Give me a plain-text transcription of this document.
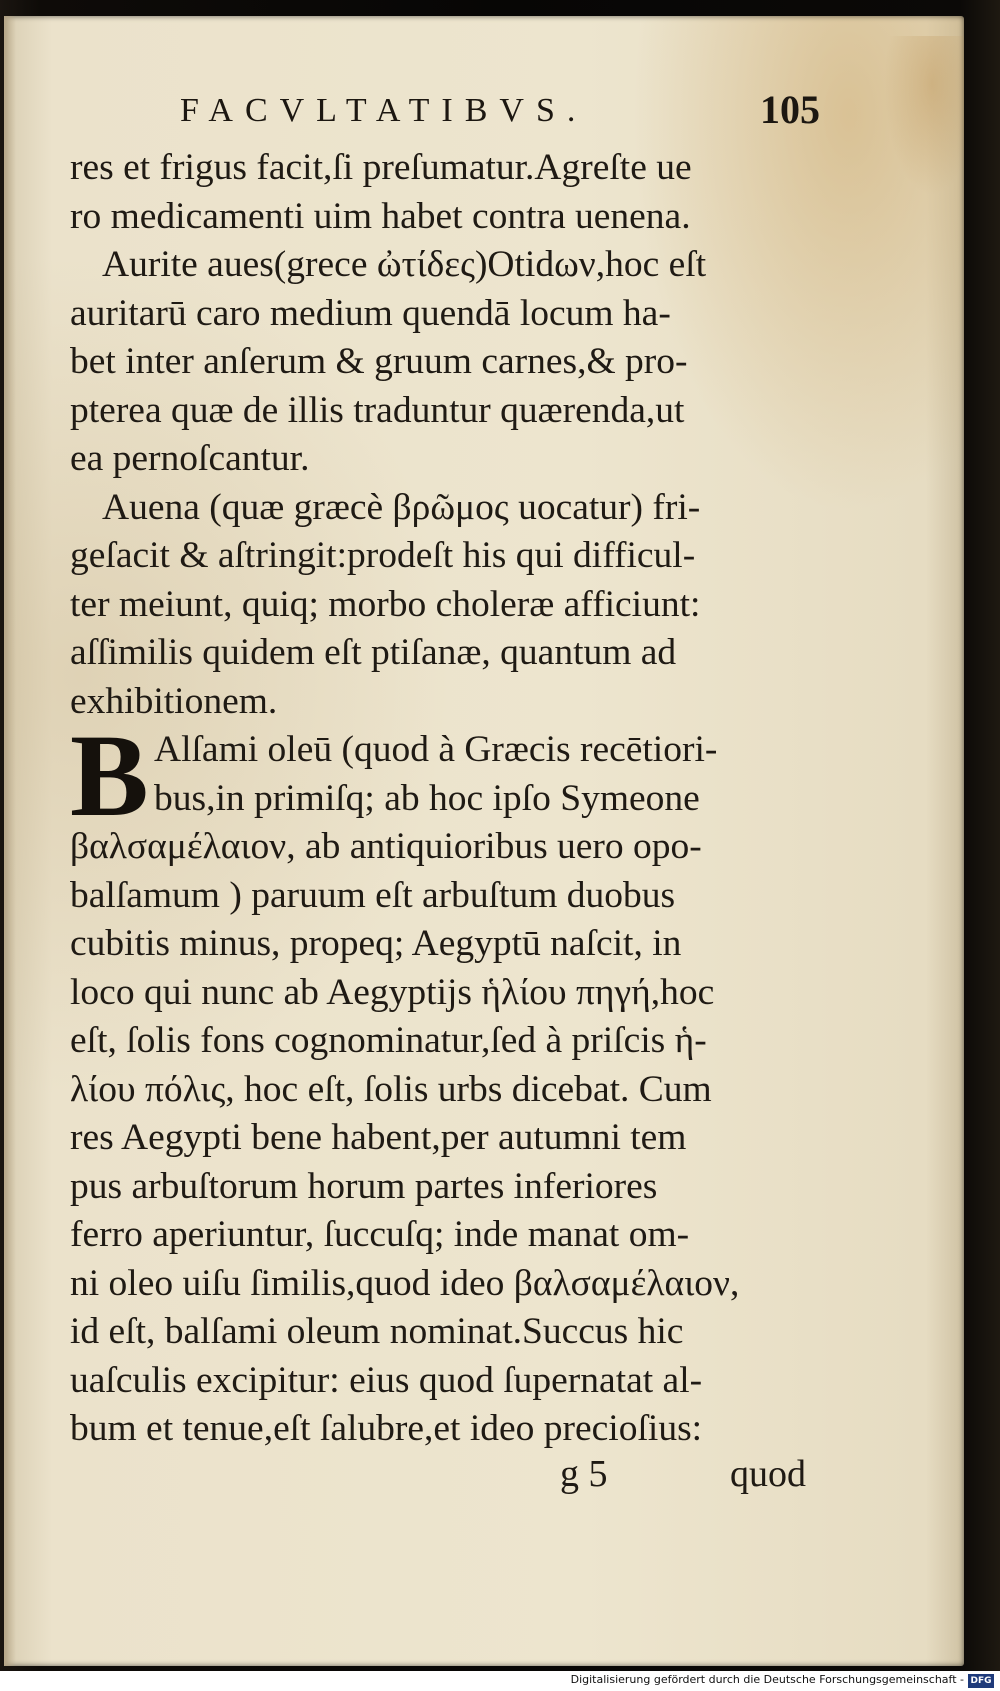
FACVLTATIBVS.	105
res et frigus facit,ſi preſumatur.Agreſte ue
ro medicamenti uim habet contra uenena.
Aurite aues(grece ὠτίδες)Otidων,hoc eſt
auritarū caro medium quendā locum ha-
bet inter anſerum & gruum carnes,& pro-
pterea quæ de illis traduntur quærenda,ut
ea pernoſcantur.
Auena (quæ græcè βρῶμος uocatur) fri-
geſacit & aſtringit:prodeſt his qui difficul-
ter meiunt, quiq; morbo choleræ afficiunt:
aſſimilis quidem eſt ptiſanæ, quantum ad
exhibitionem.
B Alſami oleū (quod à Græcis recētiori-
bus,in primiſq; ab hoc ipſo Symeone
βαλσαμέλαιον, ab antiquioribus uero opo-
balſamum ) paruum eſt arbuſtum duobus
cubitis minus, propeq; Aegyptū naſcit, in
loco qui nunc ab Aegyptijs ἡλίου πηγή,hoc
eſt, ſolis fons cognominatur,ſed à priſcis ἡ-
λίου πόλις, hoc eſt, ſolis urbs dicebat. Cum
res Aegypti bene habent,per autumni tem
pus arbuſtorum horum partes inferiores
ferro aperiuntur, ſuccuſq; inde manat om-
ni oleo uiſu ſimilis,quod ideo βαλσαμέλαιον,
id eſt, balſami oleum nominat.Succus hic
uaſculis excipitur: eius quod ſupernatat al-
bum et tenue,eſt ſalubre,et ideo precioſius:
g 5	quod
Digitalisierung gefördert durch die Deutsche Forschungsgemeinschaft - DFG
